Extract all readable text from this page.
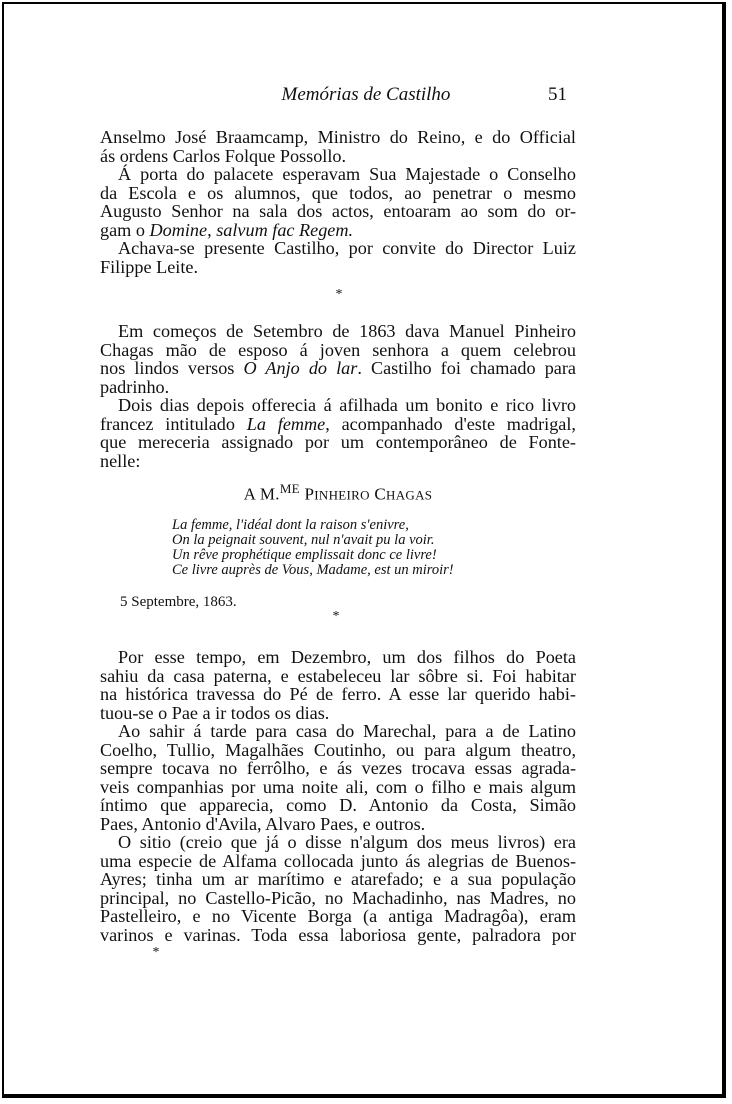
Memórias de Castilho	51
Anselmo José Braamcamp, Ministro do Reino, e do Official
ás ordens Carlos Folque Possollo.
Á porta do palacete esperavam Sua Majestade o Conselho
da Escola e os alumnos, que todos, ao penetrar o mesmo
Augusto Senhor na sala dos actos, entoaram ao som do or-
gam o Domine, salvum fac Regem.
Achava-se presente Castilho, por convite do Director Luiz
Filippe Leite.
*
Em começos de Setembro de 1863 dava Manuel Pinheiro
Chagas mão de esposo á joven senhora a quem celebrou
nos lindos versos O Anjo do lar. Castilho foi chamado para
padrinho.
Dois dias depois offerecia á afilhada um bonito e rico livro
francez intitulado La femme, acompanhado d'este madrigal,
que mereceria assignado por um contemporâneo de Fonte-
nelle:
A M.$^{ME}$ PINHEIRO CHAGAS
La femme, l'idéal dont la raison s'enivre,
On la peignait souvent, nul n'avait pu la voir.
Un rêve prophétique emplissait donc ce livre!
Ce livre auprès de Vous, Madame, est un miroir!
5 Septembre, 1863.
*
Por esse tempo, em Dezembro, um dos filhos do Poeta
sahiu da casa paterna, e estabeleceu lar sôbre si. Foi habitar
na histórica travessa do Pé de ferro. A esse lar querido habi-
tuou-se o Pae a ir todos os dias.
Ao sahir á tarde para casa do Marechal, para a de Latino
Coelho, Tullio, Magalhães Coutinho, ou para algum theatro,
sempre tocava no ferrôlho, e ás vezes trocava essas agrada-
veis companhias por uma noite ali, com o filho e mais algum
íntimo que apparecia, como D. Antonio da Costa, Simão
Paes, Antonio d'Avila, Alvaro Paes, e outros.
O sitio (creio que já o disse n'algum dos meus livros) era
uma especie de Alfama collocada junto ás alegrias de Buenos-
Ayres; tinha um ar marítimo e atarefado; e a sua população
principal, no Castello-Picão, no Machadinho, nas Madres, no
Pastelleiro, e no Vicente Borga (a antiga Madragôa), eram
varinos e varinas. Toda essa laboriosa gente, palradora por
*
